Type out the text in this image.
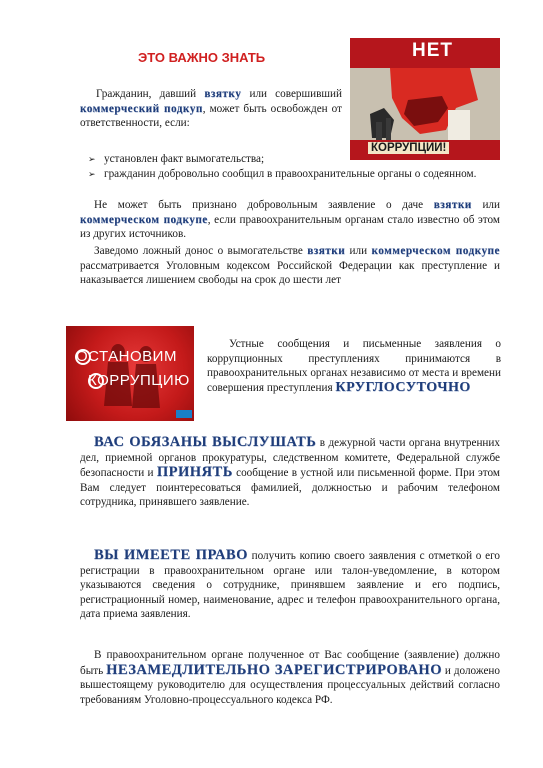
ЭТО ВАЖНО ЗНАТЬ

Гражданин, давший взятку или совершивший коммерческий подкуп, может быть освобожден от ответственности, если:

➢ установлен факт вымогательства;
➢ гражданин добровольно сообщил в правоохранительные органы о содеянном.

Не может быть признано добровольным заявление о даче взятки или коммерческом подкупе, если правоохранительным органам стало известно об этом из других источников.

Заведомо ложный донос о вымогательстве взятки или коммерческом подкупе рассматривается Уголовным кодексом Российской Федерации как преступление и наказывается лишением свободы на срок до шести лет

НЕТ
КОРРУПЦИИ!
ОСТАНОВИМ
КОРРУПЦИЮ

Устные сообщения и письменные заявления о коррупционных преступлениях принимаются в правоохранительных органах независимо от места и времени совершения преступления КРУГЛОСУТОЧНО

ВАС ОБЯЗАНЫ ВЫСЛУШАТЬ в дежурной части органа внутренних дел, приемной органов прокуратуры, следственном комитете, Федеральной службе безопасности и ПРИНЯТЬ сообщение в устной или письменной форме. При этом Вам следует поинтересоваться фамилией, должностью и рабочим телефоном сотрудника, принявшего заявление.

ВЫ ИМЕЕТЕ ПРАВО получить копию своего заявления с отметкой о его регистрации в правоохранительном органе или талон-уведомление, в котором указываются сведения о сотруднике, принявшем заявление и его подпись, регистрационный номер, наименование, адрес и телефон правоохранительного органа, дата приема заявления.

В правоохранительном органе полученное от Вас сообщение (заявление) должно быть НЕЗАМЕДЛИТЕЛЬНО ЗАРЕГИСТРИРОВАНО и доложено вышестоящему руководителю для осуществления процессуальных действий согласно требованиям Уголовно-процессуального кодекса РФ.
